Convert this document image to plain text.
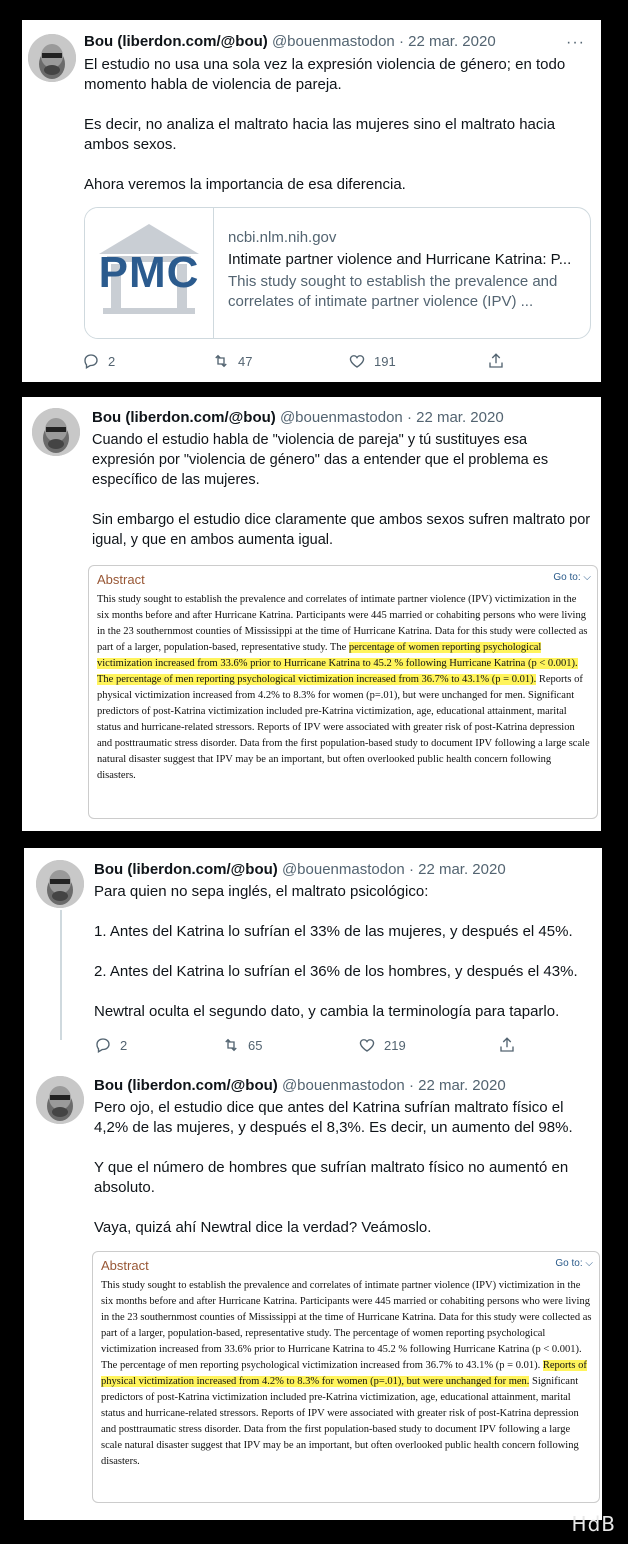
Bou (liberdon.com/@bou) @bouenmastodon · 22 mar. 2020	···
El estudio no usa una sola vez la expresión violencia de género; en todo momento habla de violencia de pareja.

Es decir, no analiza el maltrato hacia las mujeres sino el maltrato hacia ambos sexos.

Ahora veremos la importancia de esa diferencia.
PMC
ncbi.nlm.nih.gov
Intimate partner violence and Hurricane Katrina: P...
This study sought to establish the prevalence and correlates of intimate partner violence (IPV) ...
2	47	191
Bou (liberdon.com/@bou) @bouenmastodon · 22 mar. 2020
Cuando el estudio habla de "violencia de pareja" y tú sustituyes esa expresión por "violencia de género" das a entender que el problema es específico de las mujeres.

Sin embargo el estudio dice claramente que ambos sexos sufren maltrato por igual, y que en ambos aumenta igual.
Abstract	Go to: ⌵
This study sought to establish the prevalence and correlates of intimate partner violence (IPV) victimization in the six months before and after Hurricane Katrina. Participants were 445 married or cohabiting persons who were living in the 23 southernmost counties of Mississippi at the time of Hurricane Katrina. Data for this study were collected as part of a larger, population-based, representative study. The percentage of women reporting psychological victimization increased from 33.6% prior to Hurricane Katrina to 45.2 % following Hurricane Katrina (p < 0.001). The percentage of men reporting psychological victimization increased from 36.7% to 43.1% (p = 0.01). Reports of physical victimization increased from 4.2% to 8.3% for women (p=.01), but were unchanged for men. Significant predictors of post-Katrina victimization included pre-Katrina victimization, age, educational attainment, marital status and hurricane-related stressors. Reports of IPV were associated with greater risk of post-Katrina depression and posttraumatic stress disorder. Data from the first population-based study to document IPV following a large scale natural disaster suggest that IPV may be an important, but often overlooked public health concern following disasters.
Bou (liberdon.com/@bou) @bouenmastodon · 22 mar. 2020
Para quien no sepa inglés, el maltrato psicológico:

1. Antes del Katrina lo sufrían el 33% de las mujeres, y después el 45%.

2. Antes del Katrina lo sufrían el 36% de los hombres, y después el 43%.

Newtral oculta el segundo dato, y cambia la terminología para taparlo.
2	65	219
Bou (liberdon.com/@bou) @bouenmastodon · 22 mar. 2020
Pero ojo, el estudio dice que antes del Katrina sufrían maltrato físico el 4,2% de las mujeres, y después el 8,3%. Es decir, un aumento del 98%.

Y que el número de hombres que sufrían maltrato físico no aumentó en absoluto.

Vaya, quizá ahí Newtral dice la verdad? Veámoslo.
Abstract	Go to: ⌵
This study sought to establish the prevalence and correlates of intimate partner violence (IPV) victimization in the six months before and after Hurricane Katrina. Participants were 445 married or cohabiting persons who were living in the 23 southernmost counties of Mississippi at the time of Hurricane Katrina. Data for this study were collected as part of a larger, population-based, representative study. The percentage of women reporting psychological victimization increased from 33.6% prior to Hurricane Katrina to 45.2 % following Hurricane Katrina (p < 0.001). The percentage of men reporting psychological victimization increased from 36.7% to 43.1% (p = 0.01). Reports of physical victimization increased from 4.2% to 8.3% for women (p=.01), but were unchanged for men. Significant predictors of post-Katrina victimization included pre-Katrina victimization, age, educational attainment, marital status and hurricane-related stressors. Reports of IPV were associated with greater risk of post-Katrina depression and posttraumatic stress disorder. Data from the first population-based study to document IPV following a large scale natural disaster suggest that IPV may be an important, but often overlooked public health concern following disasters.
HdB
